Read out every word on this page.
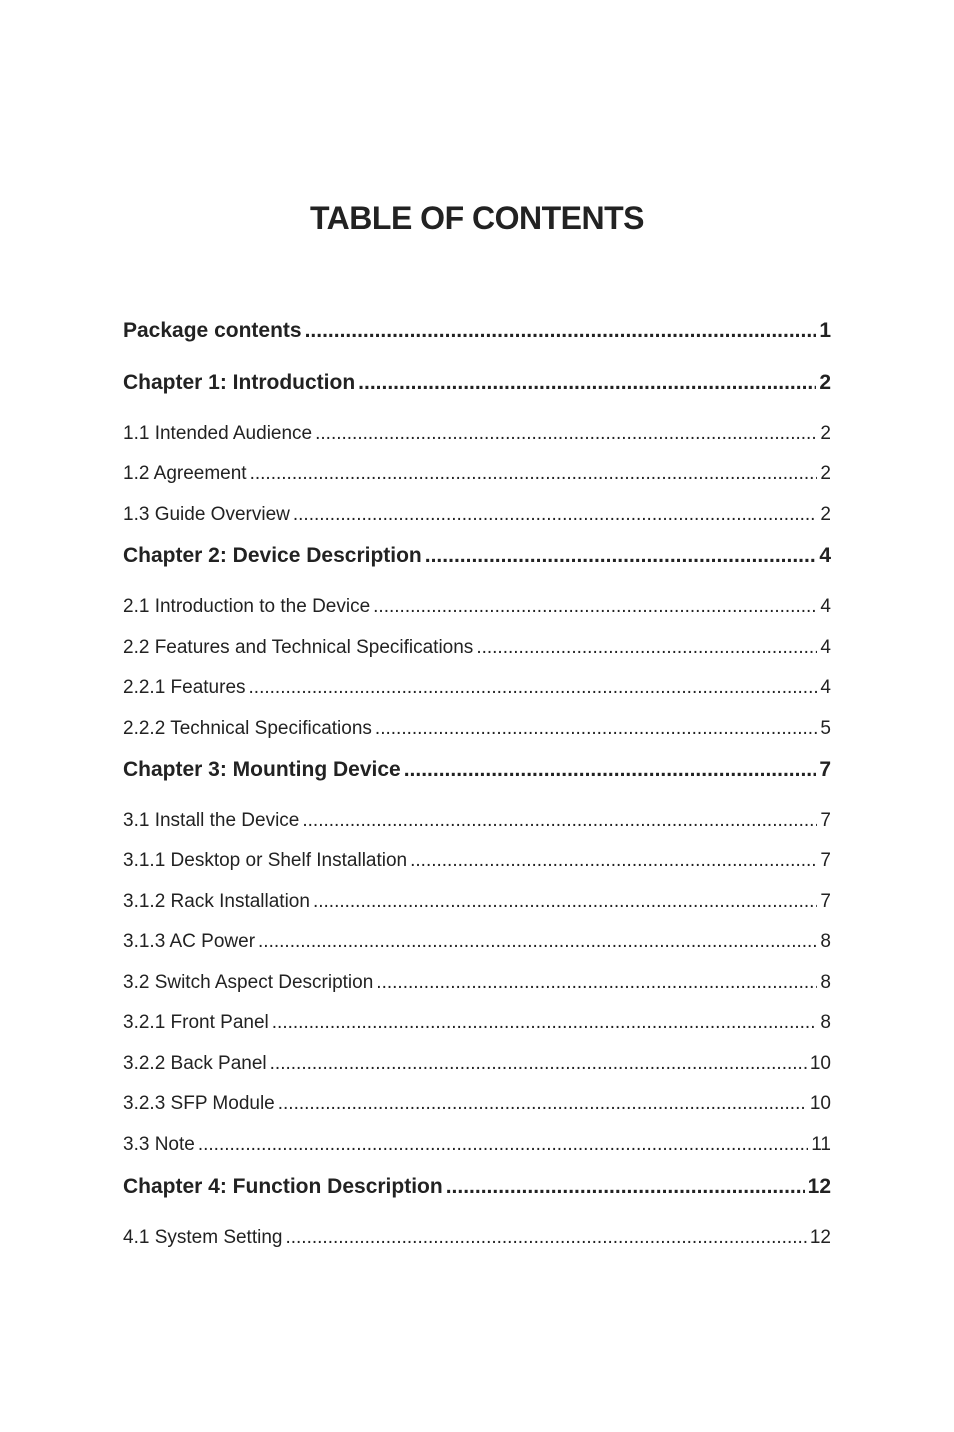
TABLE OF CONTENTS
Package contents .....	1
Chapter 1: Introduction .....	2
1.1 Intended Audience .....	2
1.2 Agreement .....	2
1.3 Guide Overview .....	2
Chapter 2: Device Description .....	4
2.1 Introduction to the Device .....	4
2.2 Features and Technical Specifications .....	4
2.2.1 Features .....	4
2.2.2 Technical Specifications .....	5
Chapter 3: Mounting Device .....	7
3.1 Install the Device .....	7
3.1.1 Desktop or Shelf Installation .....	7
3.1.2 Rack Installation .....	7
3.1.3 AC Power .....	8
3.2 Switch Aspect Description .....	8
3.2.1 Front Panel .....	8
3.2.2 Back Panel .....	10
3.2.3 SFP Module .....	10
3.3 Note .....	11
Chapter 4: Function Description .....	12
4.1 System Setting .....	12
